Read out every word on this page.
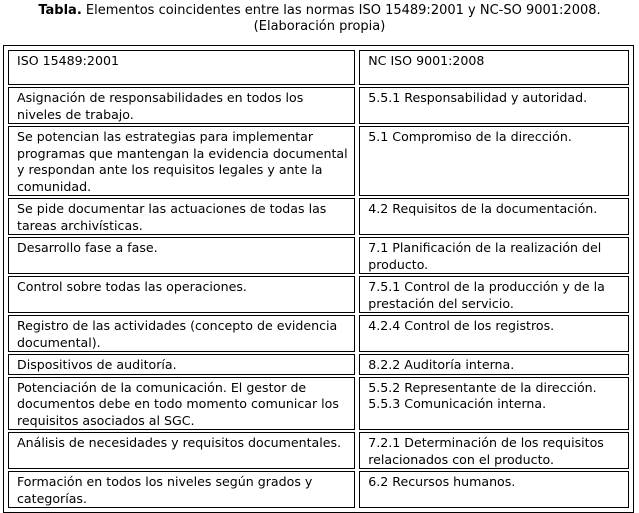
Tabla. Elementos coincidentes entre las normas ISO 15489:2001 y NC-SO 9001:2008.
(Elaboración propia)
ISO 15489:2001	NC ISO 9001:2008
Asignación de responsabilidades en todos los niveles de trabajo.	5.5.1 Responsabilidad y autoridad.

Se potencian las estrategias para implementar programas que mantengan la evidencia documental y respondan ante los requisitos legales y ante la comunidad.	5.1 Compromiso de la dirección.

Se pide documentar las actuaciones de todas las tareas archivísticas.	4.2 Requisitos de la documentación.

Desarrollo fase a fase.	7.1 Planificación de la realización del producto.

Control sobre todas las operaciones.	7.5.1 Control de la producción y de la prestación del servicio.

Registro de las actividades (concepto de evidencia documental).	4.2.4 Control de los registros.

Dispositivos de auditoría.	8.2.2 Auditoría interna.

Potenciación de la comunicación. El gestor de documentos debe en todo momento comunicar los requisitos asociados al SGC.	5.5.2 Representante de la dirección.
5.5.3 Comunicación interna.

Análisis de necesidades y requisitos documentales.	7.2.1 Determinación de los requisitos relacionados con el producto.

Formación en todos los niveles según grados y categorías.	6.2 Recursos humanos.
